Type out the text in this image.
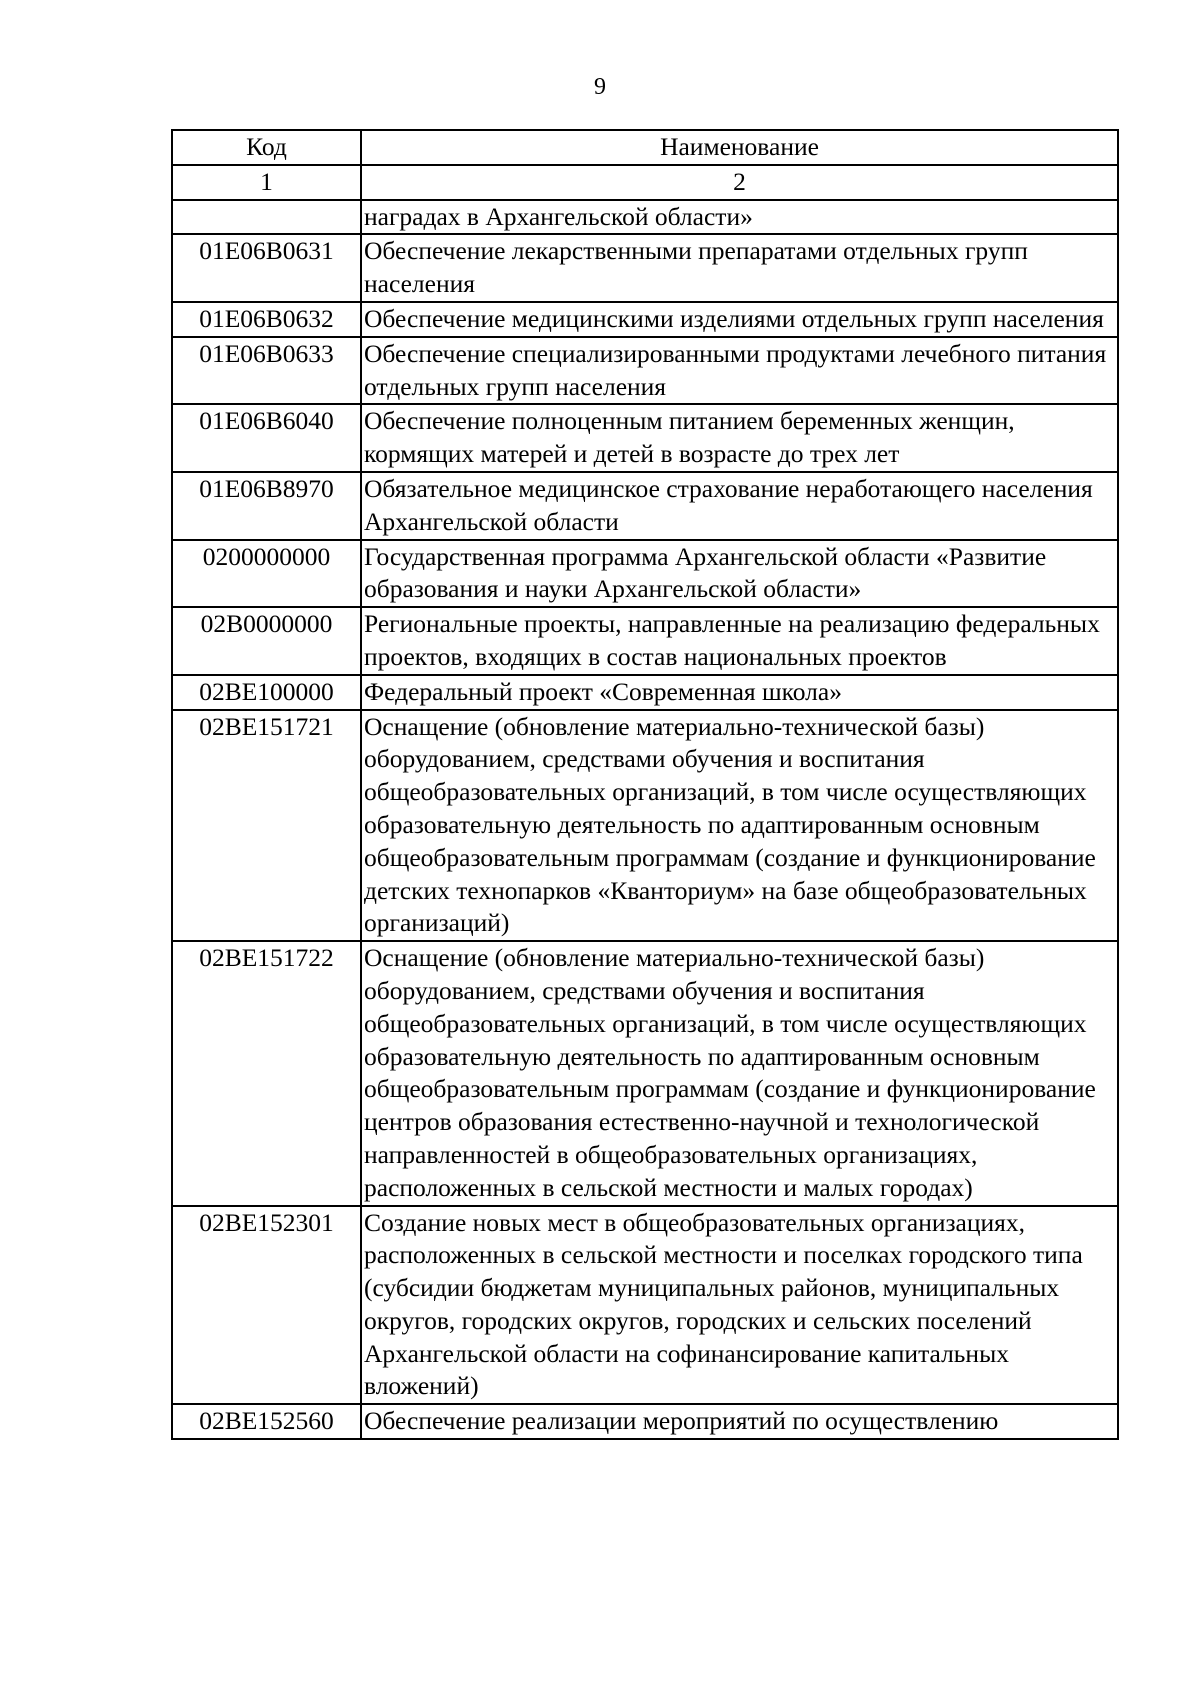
9
Код	Наименование
1	2
	наградах в Архангельской области»
01E06B0631	Обеспечение лекарственными препаратами отдельных групп населения
01E06B0632	Обеспечение медицинскими изделиями отдельных групп населения
01E06B0633	Обеспечение специализированными продуктами лечебного питания отдельных групп населения
01E06B6040	Обеспечение полноценным питанием беременных женщин, кормящих матерей и детей в возрасте до трех лет
01E06B8970	Обязательное медицинское страхование неработающего населения Архангельской области
0200000000	Государственная программа Архангельской области «Развитие образования и науки Архангельской области»
02B0000000	Региональные проекты, направленные на реализацию федеральных проектов, входящих в состав национальных проектов
02BE100000	Федеральный проект «Современная школа»
02BE151721	Оснащение (обновление материально-технической базы) оборудованием, средствами обучения и воспитания общеобразовательных организаций, в том числе осуществляющих образовательную деятельность по адаптированным основным общеобразовательным программам (создание и функционирование детских технопарков «Кванториум» на базе общеобразовательных организаций)
02BE151722	Оснащение (обновление материально-технической базы) оборудованием, средствами обучения и воспитания общеобразовательных организаций, в том числе осуществляющих образовательную деятельность по адаптированным основным общеобразовательным программам (создание и функционирование центров образования естественно-научной и технологической направленностей в общеобразовательных организациях, расположенных в сельской местности и малых городах)
02BE152301	Создание новых мест в общеобразовательных организациях, расположенных в сельской местности и поселках городского типа (субсидии бюджетам муниципальных районов, муниципальных округов, городских округов, городских и сельских поселений Архангельской области на софинансирование капитальных вложений)
02BE152560	Обеспечение реализации мероприятий по осуществлению
